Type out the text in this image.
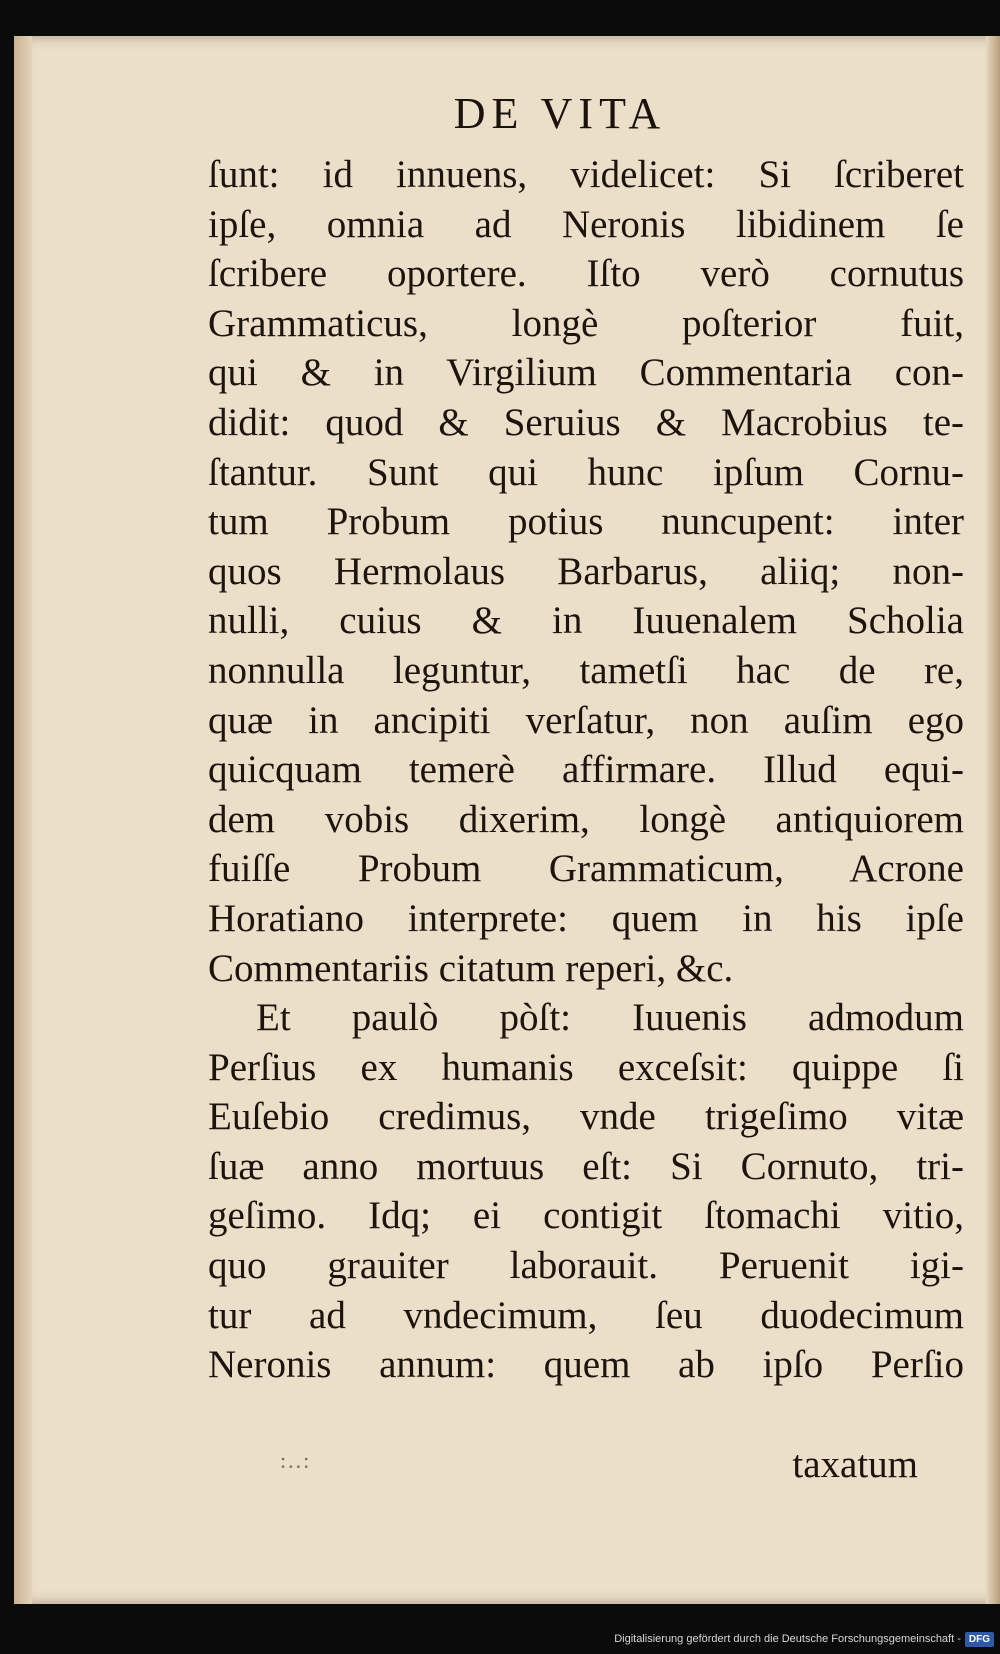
DE VITA
ſunt: id innuens, videlicet: Si ſcriberet
ipſe, omnia ad Neronis libidinem ſe
ſcribere oportere. Iſto verò cornutus
Grammaticus, longè poſterior fuit,
qui & in Virgilium Commentaria con-
didit: quod & Seruius & Macrobius te-
ſtantur. Sunt qui hunc ipſum Cornu-
tum Probum potius nuncupent: inter
quos Hermolaus Barbarus, aliiq; non-
nulli, cuius & in Iuuenalem Scholia
nonnulla leguntur, tametſi hac de re,
quæ in ancipiti verſatur, non auſim ego
quicquam temerè affirmare. Illud equi-
dem vobis dixerim, longè antiquiorem
fuiſſe Probum Grammaticum, Acrone
Horatiano interprete: quem in his ipſe
Commentariis citatum reperi, &c.
Et paulò pòſt: Iuuenis admodum
Perſius ex humanis exceſsit: quippe ſi
Euſebio credimus, vnde trigeſimo vitæ
ſuæ anno mortuus eſt: Si Cornuto, tri-
geſimo. Idq; ei contigit ſtomachi vitio,
quo grauiter laborauit. Peruenit igi-
tur ad vndecimum, ſeu duodecimum
Neronis annum: quem ab ipſo Perſio
:..:	taxatum
Digitalisierung gefördert durch die Deutsche Forschungsgemeinschaft - DFG
